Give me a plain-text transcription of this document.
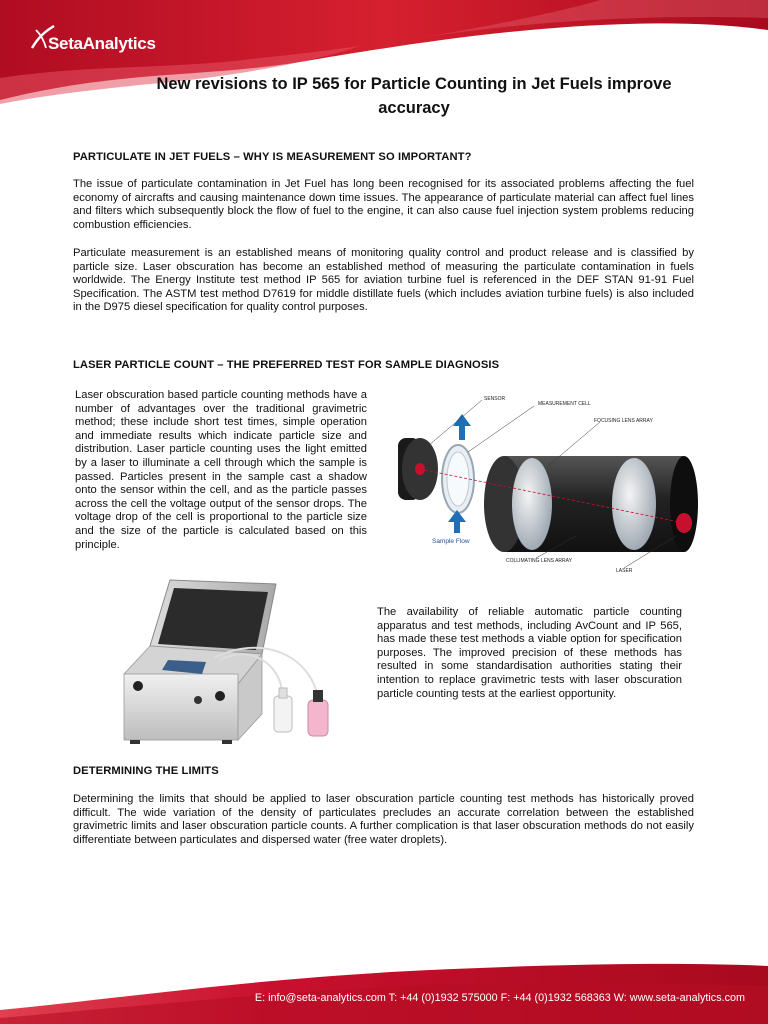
SetaAnalytics
New revisions to IP 565 for Particle Counting in Jet Fuels improve accuracy
PARTICULATE IN JET FUELS – WHY IS MEASUREMENT SO IMPORTANT?
The issue of particulate contamination in Jet Fuel has long been recognised for its associated problems affecting the fuel economy of aircrafts and causing maintenance down time issues. The appearance of particulate material can affect fuel lines and filters which subsequently block the flow of fuel to the engine, it can also cause fuel injection system problems reducing combustion efficiencies.
Particulate measurement is an established means of monitoring quality control and product release and is classified by particle size. Laser obscuration has become an established method of measuring the particulate contamination in fuels worldwide. The Energy Institute test method IP 565 for aviation turbine fuel is referenced in the DEF STAN 91-91 Fuel Specification. The ASTM test method D7619 for middle distillate fuels (which includes aviation turbine fuels) is also included in the D975 diesel specification for quality control purposes.
LASER PARTICLE COUNT – THE PREFERRED TEST FOR SAMPLE DIAGNOSIS
Laser obscuration based particle counting methods have a number of advantages over the traditional gravimetric method; these include short test times, simple operation and immediate results which indicate particle size and distribution. Laser particle counting uses the light emitted by a laser to illuminate a cell through which the sample is passed. Particles present in the sample cast a shadow onto the sensor within the cell, and as the particle passes across the cell the voltage output of the sensor drops. The voltage drop of the cell is proportional to the particle size and the size of the particle is calculated based on this principle.
SENSOR
MEASUREMENT CELL
FOCUSING LENS ARRAY
COLLIMATING LENS ARRAY
LASER
Sample Flow
The availability of reliable automatic particle counting apparatus and test methods, including AvCount and IP 565, has made these test methods a viable option for specification purposes. The improved precision of these methods has resulted in some standardisation authorities stating their intention to replace gravimetric tests with laser obscuration particle counting tests at the earliest opportunity.
DETERMINING THE LIMITS
Determining the limits that should be applied to laser obscuration particle counting test methods has historically proved difficult. The wide variation of the density of particulates precludes an accurate correlation between the established gravimetric limits and laser obscuration particle counts. A further complication is that laser obscuration methods do not easily differentiate between particulates and dispersed water (free water droplets).
E: info@seta-analytics.com T: +44 (0)1932 575000 F: +44 (0)1932 568363 W: www.seta-analytics.com
